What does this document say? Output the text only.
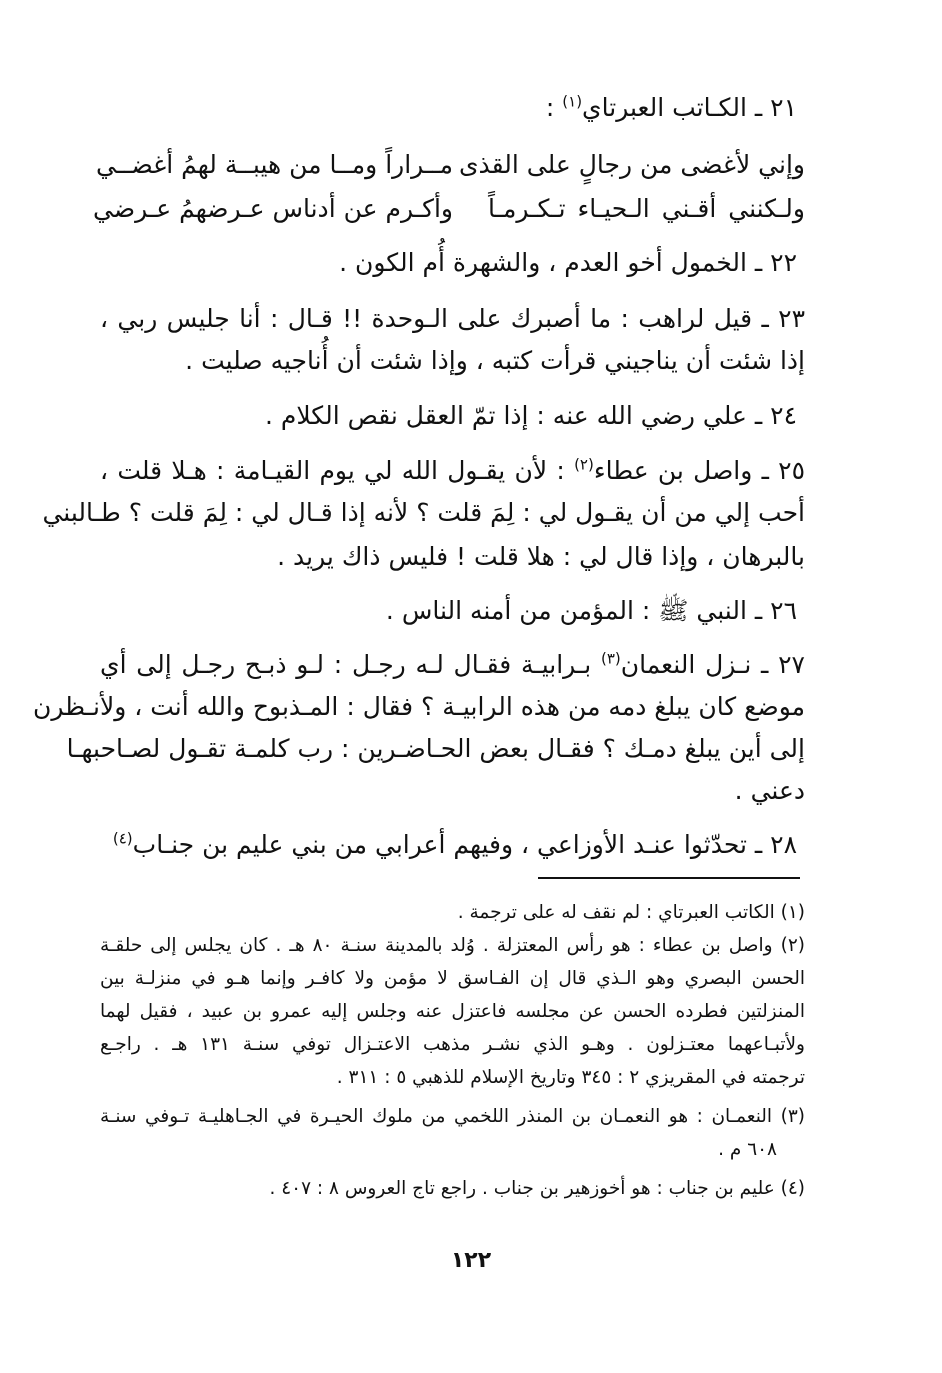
٢١ ـ الكـاتب العبرتاي$^{(١)}$ :
وإني لأغضى من رجالٍ على القذىمــراراً ومــا من هيبــة لهمُ أغضــي
ولـكنني أقـني الـحيـاء تـكـرمـاًوأكـرم عن أدناس عـرضهمُ عـرضي
٢٢ ـ الخمول أخو العدم ، والشهرة أُم الكون .
٢٣ ـ قيل لراهب : ما أصبرك على الـوحدة !! قـال : أنا جليس ربي ،
إذا شئت أن يناجيني قرأت كتبه ، وإذا شئت أن أُناجيه صليت .
٢٤ ـ علي رضي الله عنه : إذا تمّ العقل نقص الكلام .
٢٥ ـ واصل بن عطاء$^{(٢)}$ : لأن يقـول الله لي يوم القيـامة : هـلا قلت ،
أحب إلي من أن يقـول لي : لِمَ قلت ؟ لأنه إذا قـال لي : لِمَ قلت ؟ طـالبني
بالبرهان ، وإذا قال لي : هلا قلت ! فليس ذاك يريد .
٢٦ ـ النبي ﷺ : المؤمن من أمنه الناس .
٢٧ ـ نـزل النعمان$^{(٣)}$ بـرابيـة فقـال لـه رجـل : لـو ذبـح رجـل إلى أي
موضع كان يبلغ دمه من هذه الرابيـة ؟ فقال : المـذبوح والله أنت ، ولأنـظرن
إلى أين يبلغ دمـك ؟ فقـال بعض الحـاضـرين : رب كلمـة تقـول لصـاحبهـا
دعني .
٢٨ ـ تحدّثوا عنـد الأوزاعي ، وفيهم أعرابي من بني عليم بن جنـاب$^{(٤)}$
(١) الكاتب العبرتاي : لم نقف له على ترجمة .
(٢) واصل بن عطاء : هو رأس المعتزلة . وُلد بالمدينة سنـة ٨٠ هـ . كان يجلس إلى حلقـة
الحسن البصري وهو الـذي قال إن الفـاسق لا مؤمن ولا كافـر وإنما هـو في منزلـة بين
المنزلتين فطرده الحسن عن مجلسه فاعتزل عنه وجلس إليه عمرو بن عبيد ، فقيل لهما
ولأتبـاعهما معتـزلون . وهـو الذي نشـر مذهب الاعتـزال توفي سنـة ١٣١ هـ . راجـع
ترجمته في المقريزي ٢ : ٣٤٥ وتاريخ الإسلام للذهبي ٥ : ٣١١ .
(٣) النعمـان : هو النعمـان بن المنذر اللخمي من ملوك الحيـرة في الجـاهليـة تـوفي سنـة
٦٠٨ م .
(٤) عليم بن جناب : هو أخوزهير بن جناب . راجع تاج العروس ٨ : ٤٠٧ .
١٢٢
